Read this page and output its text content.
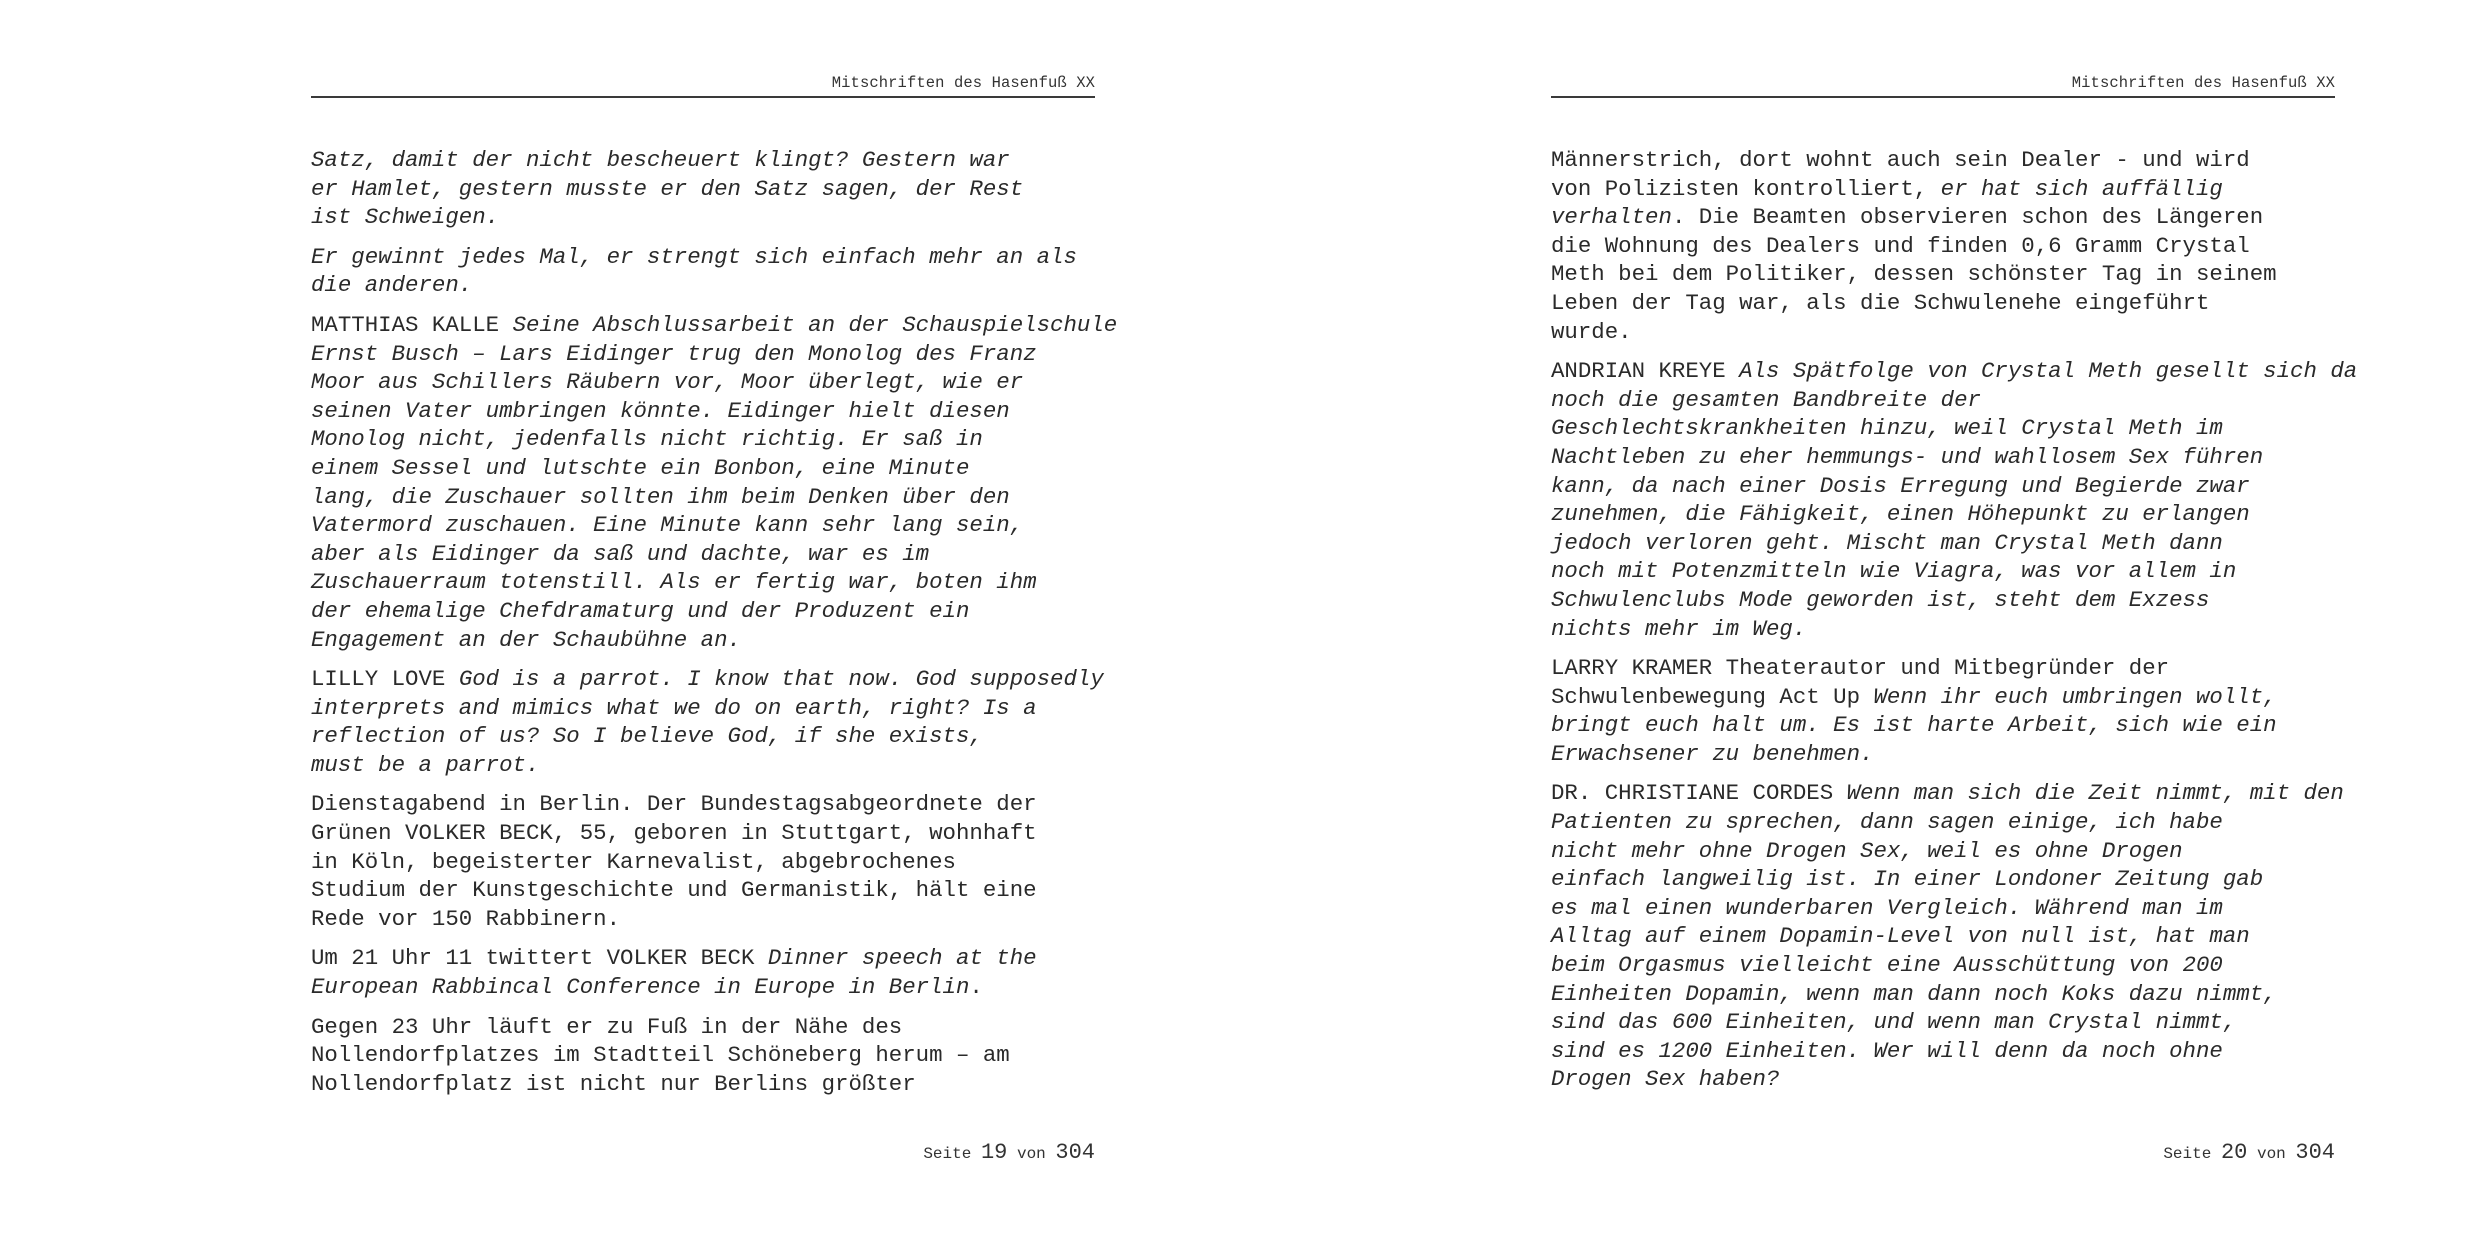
Mitschriften des Hasenfuß XX
Satz, damit der nicht bescheuert klingt? Gestern war
er Hamlet, gestern musste er den Satz sagen, der Rest
ist Schweigen.
Er gewinnt jedes Mal, er strengt sich einfach mehr an als
die anderen.
MATTHIAS KALLE Seine Abschlussarbeit an der Schauspielschule
Ernst Busch – Lars Eidinger trug den Monolog des Franz
Moor aus Schillers Räubern vor, Moor überlegt, wie er
seinen Vater umbringen könnte. Eidinger hielt diesen
Monolog nicht, jedenfalls nicht richtig. Er saß in
einem Sessel und lutschte ein Bonbon, eine Minute
lang, die Zuschauer sollten ihm beim Denken über den
Vatermord zuschauen. Eine Minute kann sehr lang sein,
aber als Eidinger da saß und dachte, war es im
Zuschauerraum totenstill. Als er fertig war, boten ihm
der ehemalige Chefdramaturg und der Produzent ein
Engagement an der Schaubühne an.
LILLY LOVE God is a parrot. I know that now. God supposedly
interprets and mimics what we do on earth, right? Is a
reflection of us? So I believe God, if she exists,
must be a parrot.
Dienstagabend in Berlin. Der Bundestagsabgeordnete der
Grünen VOLKER BECK, 55, geboren in Stuttgart, wohnhaft
in Köln, begeisterter Karnevalist, abgebrochenes
Studium der Kunstgeschichte und Germanistik, hält eine
Rede vor 150 Rabbinern.
Um 21 Uhr 11 twittert VOLKER BECK Dinner speech at the
European Rabbincal Conference in Europe in Berlin.
Gegen 23 Uhr läuft er zu Fuß in der Nähe des
Nollendorfplatzes im Stadtteil Schöneberg herum – am
Nollendorfplatz ist nicht nur Berlins größter
Seite 19 von 304
Mitschriften des Hasenfuß XX
Männerstrich, dort wohnt auch sein Dealer - und wird
von Polizisten kontrolliert, er hat sich auffällig
verhalten. Die Beamten observieren schon des Längeren
die Wohnung des Dealers und finden 0,6 Gramm Crystal
Meth bei dem Politiker, dessen schönster Tag in seinem
Leben der Tag war, als die Schwulenehe eingeführt
wurde.
ANDRIAN KREYE Als Spätfolge von Crystal Meth gesellt sich da
noch die gesamten Bandbreite der
Geschlechtskrankheiten hinzu, weil Crystal Meth im
Nachtleben zu eher hemmungs- und wahllosem Sex führen
kann, da nach einer Dosis Erregung und Begierde zwar
zunehmen, die Fähigkeit, einen Höhepunkt zu erlangen
jedoch verloren geht. Mischt man Crystal Meth dann
noch mit Potenzmitteln wie Viagra, was vor allem in
Schwulenclubs Mode geworden ist, steht dem Exzess
nichts mehr im Weg.
LARRY KRAMER Theaterautor und Mitbegründer der
Schwulenbewegung Act Up Wenn ihr euch umbringen wollt,
bringt euch halt um. Es ist harte Arbeit, sich wie ein
Erwachsener zu benehmen.
DR. CHRISTIANE CORDES Wenn man sich die Zeit nimmt, mit den
Patienten zu sprechen, dann sagen einige, ich habe
nicht mehr ohne Drogen Sex, weil es ohne Drogen
einfach langweilig ist. In einer Londoner Zeitung gab
es mal einen wunderbaren Vergleich. Während man im
Alltag auf einem Dopamin-Level von null ist, hat man
beim Orgasmus vielleicht eine Ausschüttung von 200
Einheiten Dopamin, wenn man dann noch Koks dazu nimmt,
sind das 600 Einheiten, und wenn man Crystal nimmt,
sind es 1200 Einheiten. Wer will denn da noch ohne
Drogen Sex haben?
Seite 20 von 304
